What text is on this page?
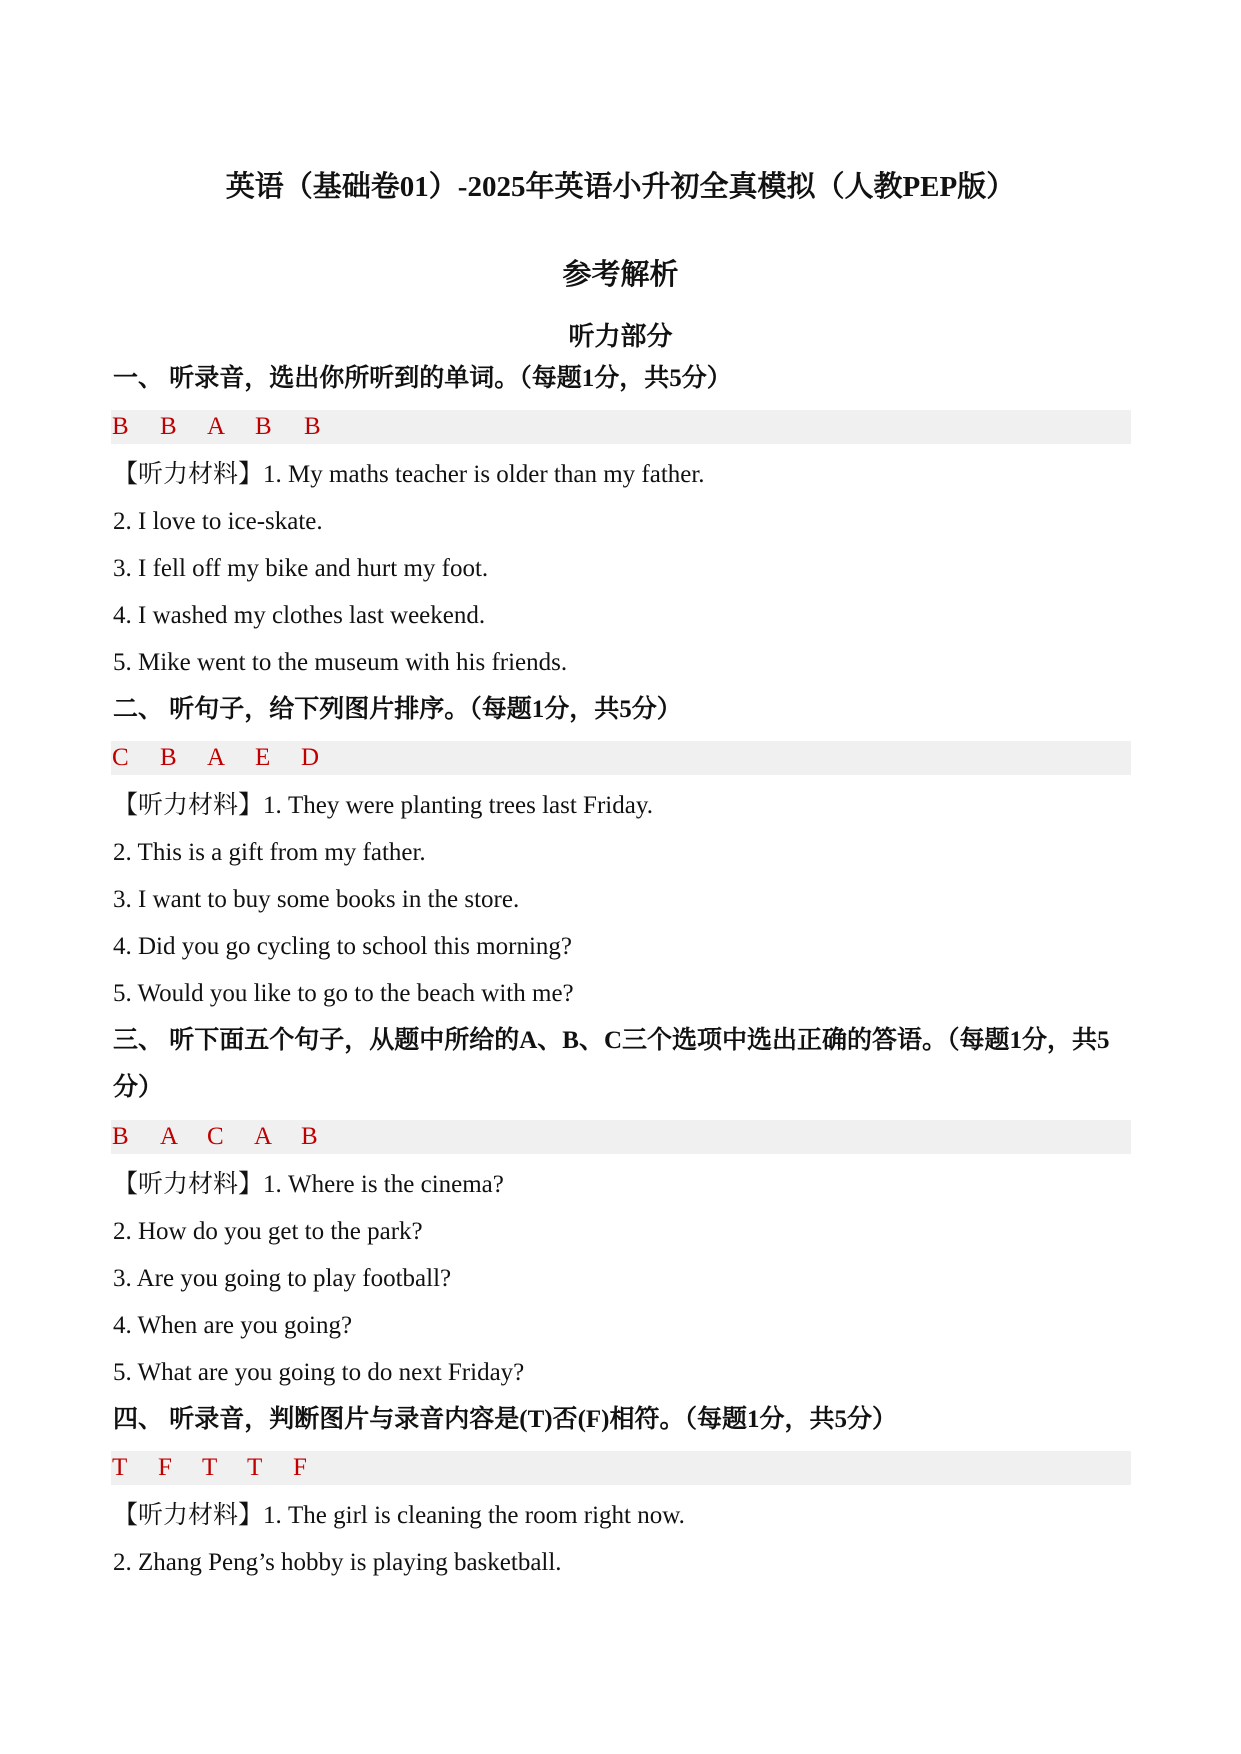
英语（基础卷01）-2025年英语小升初全真模拟（人教PEP版）
参考解析
听力部分
一、 听录音，选出你所听到的单词。（每题1分，共5分）
B B A B B
【听力材料】1. My maths teacher is older than my father.
2. I love to ice-skate.
3. I fell off my bike and hurt my foot.
4. I washed my clothes last weekend.
5. Mike went to the museum with his friends.
二、 听句子，给下列图片排序。（每题1分，共5分）
C B A E D
【听力材料】1. They were planting trees last Friday.
2. This is a gift from my father.
3. I want to buy some books in the store.
4. Did you go cycling to school this morning?
5. Would you like to go to the beach with me?
三、 听下面五个句子，从题中所给的A、B、C三个选项中选出正确的答语。（每题1分，共5分）
B A C A B
【听力材料】1. Where is the cinema?
2. How do you get to the park?
3. Are you going to play football?
4. When are you going?
5. What are you going to do next Friday?
四、 听录音，判断图片与录音内容是(T)否(F)相符。（每题1分，共5分）
T F T T F
【听力材料】1. The girl is cleaning the room right now.
2. Zhang Peng’s hobby is playing basketball.
